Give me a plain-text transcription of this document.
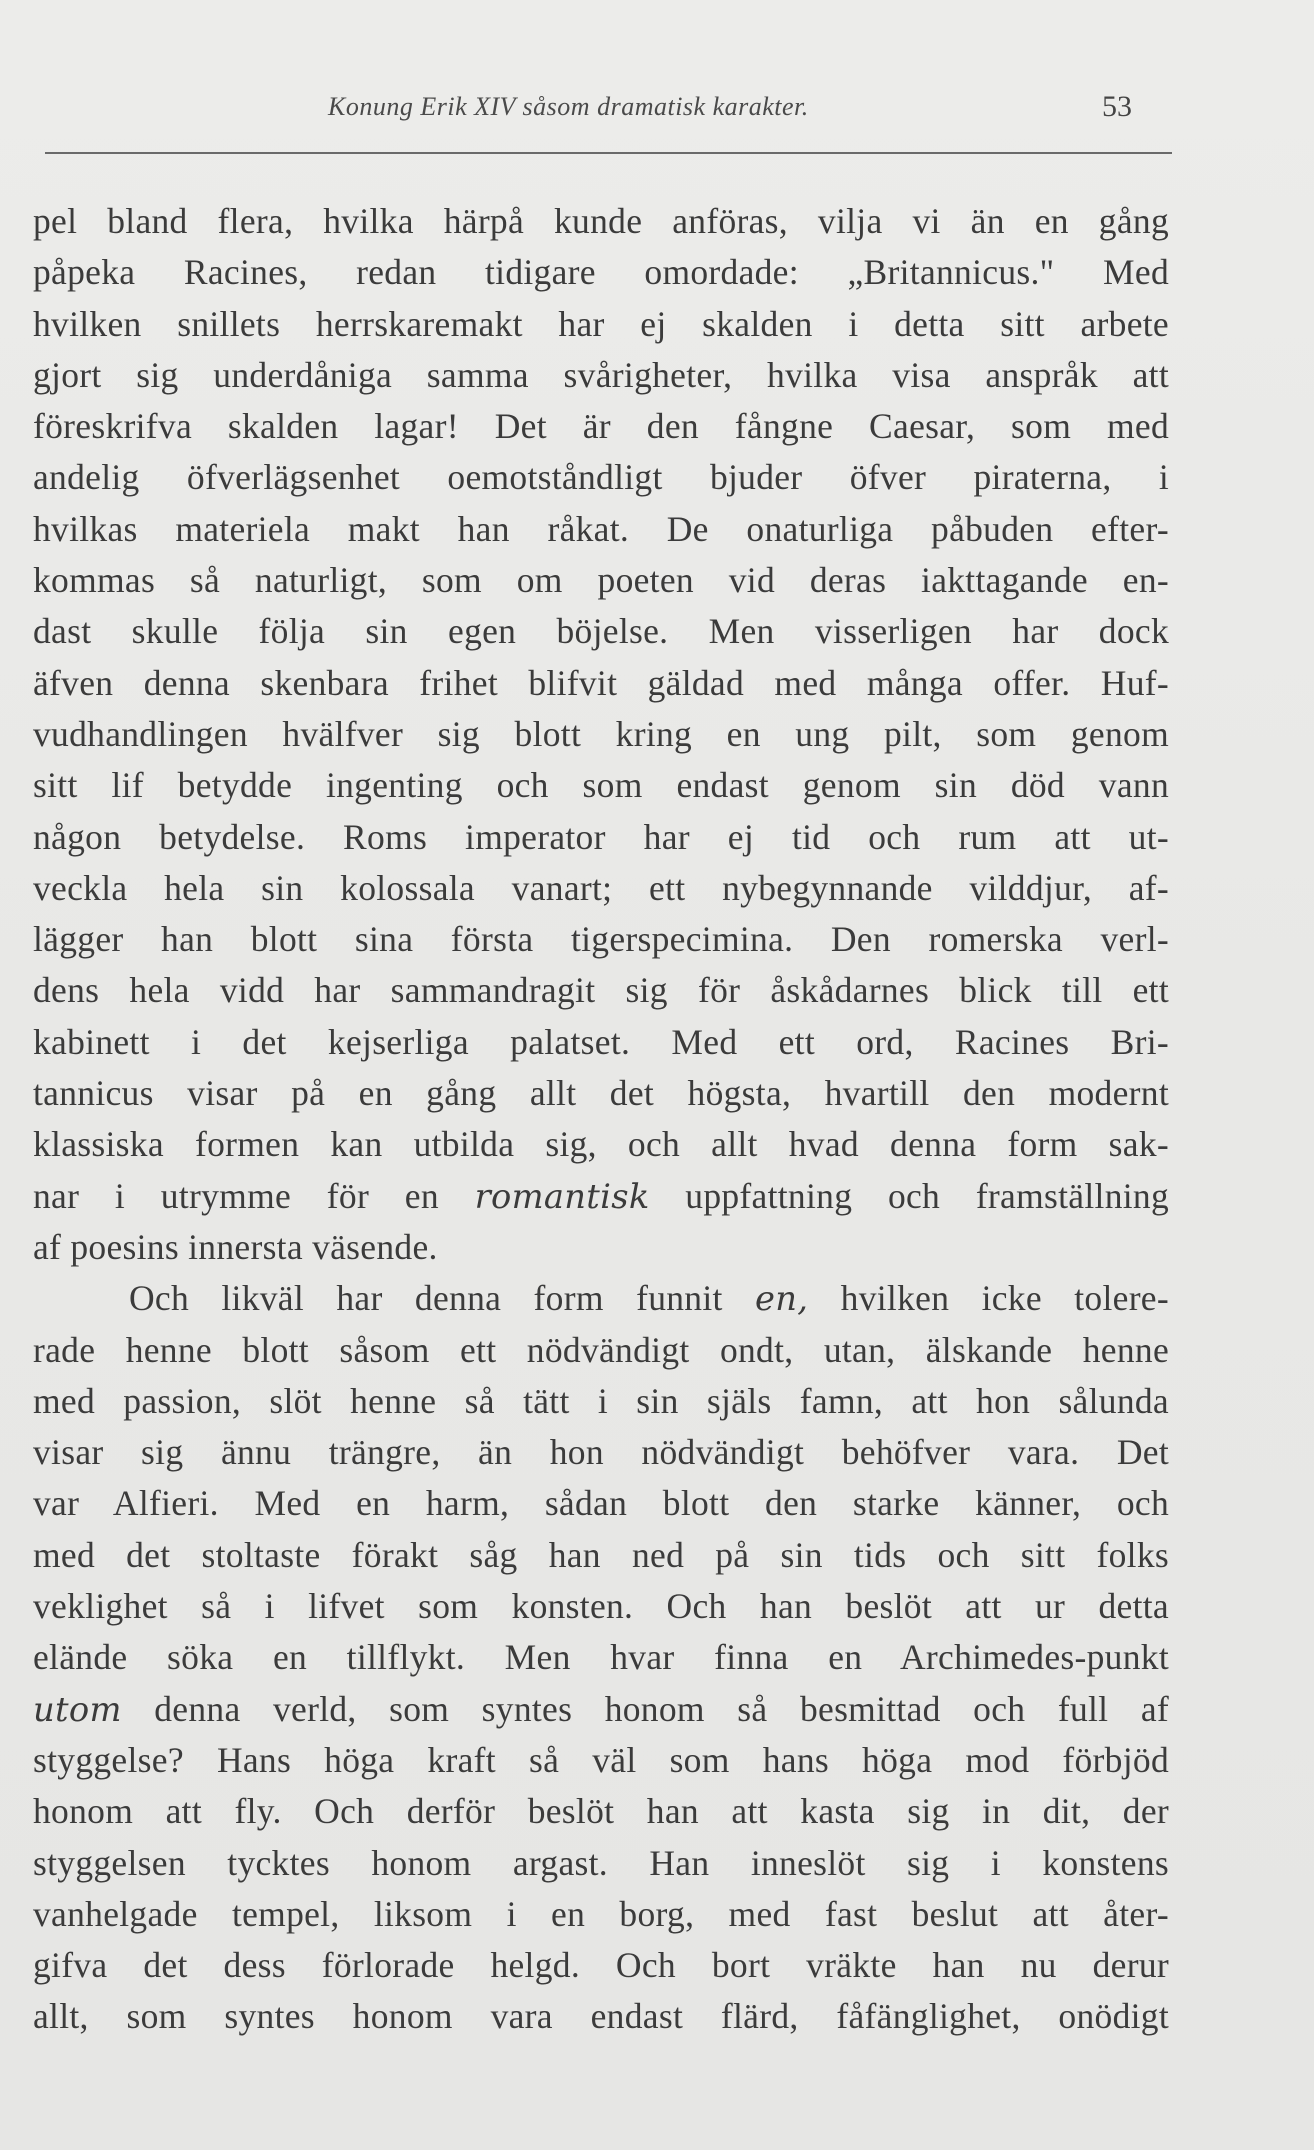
Konung Erik XIV såsom dramatisk karakter.	53
pel bland flera, hvilka härpå kunde anföras, vilja vi än en gång
påpeka Racines, redan tidigare omordade: „Britannicus." Med
hvilken snillets herrskaremakt har ej skalden i detta sitt arbete
gjort sig underdåniga samma svårigheter, hvilka visa anspråk att
föreskrifva skalden lagar! Det är den fångne Caesar, som med
andelig öfverlägsenhet oemotståndligt bjuder öfver piraterna, i
hvilkas materiela makt han råkat. De onaturliga påbuden efter-
kommas så naturligt, som om poeten vid deras iakttagande en-
dast skulle följa sin egen böjelse. Men visserligen har dock
äfven denna skenbara frihet blifvit gäldad med många offer. Huf-
vudhandlingen hvälfver sig blott kring en ung pilt, som genom
sitt lif betydde ingenting och som endast genom sin död vann
någon betydelse. Roms imperator har ej tid och rum att ut-
veckla hela sin kolossala vanart; ett nybegynnande vilddjur, af-
lägger han blott sina första tigerspecimina. Den romerska verl-
dens hela vidd har sammandragit sig för åskådarnes blick till ett
kabinett i det kejserliga palatset. Med ett ord, Racines Bri-
tannicus visar på en gång allt det högsta, hvartill den modernt
klassiska formen kan utbilda sig, och allt hvad denna form sak-
nar i utrymme för en romantisk uppfattning och framställning
af poesins innersta väsende.
Och likväl har denna form funnit en, hvilken icke tolere-
rade henne blott såsom ett nödvändigt ondt, utan, älskande henne
med passion, slöt henne så tätt i sin själs famn, att hon sålunda
visar sig ännu trängre, än hon nödvändigt behöfver vara. Det
var Alfieri. Med en harm, sådan blott den starke känner, och
med det stoltaste förakt såg han ned på sin tids och sitt folks
veklighet så i lifvet som konsten. Och han beslöt att ur detta
elände söka en tillflykt. Men hvar finna en Archimedes-punkt
utom denna verld, som syntes honom så besmittad och full af
styggelse? Hans höga kraft så väl som hans höga mod förbjöd
honom att fly. Och derför beslöt han att kasta sig in dit, der
styggelsen tycktes honom argast. Han inneslöt sig i konstens
vanhelgade tempel, liksom i en borg, med fast beslut att åter-
gifva det dess förlorade helgd. Och bort vräkte han nu derur
allt, som syntes honom vara endast flärd, fåfänglighet, onödigt
